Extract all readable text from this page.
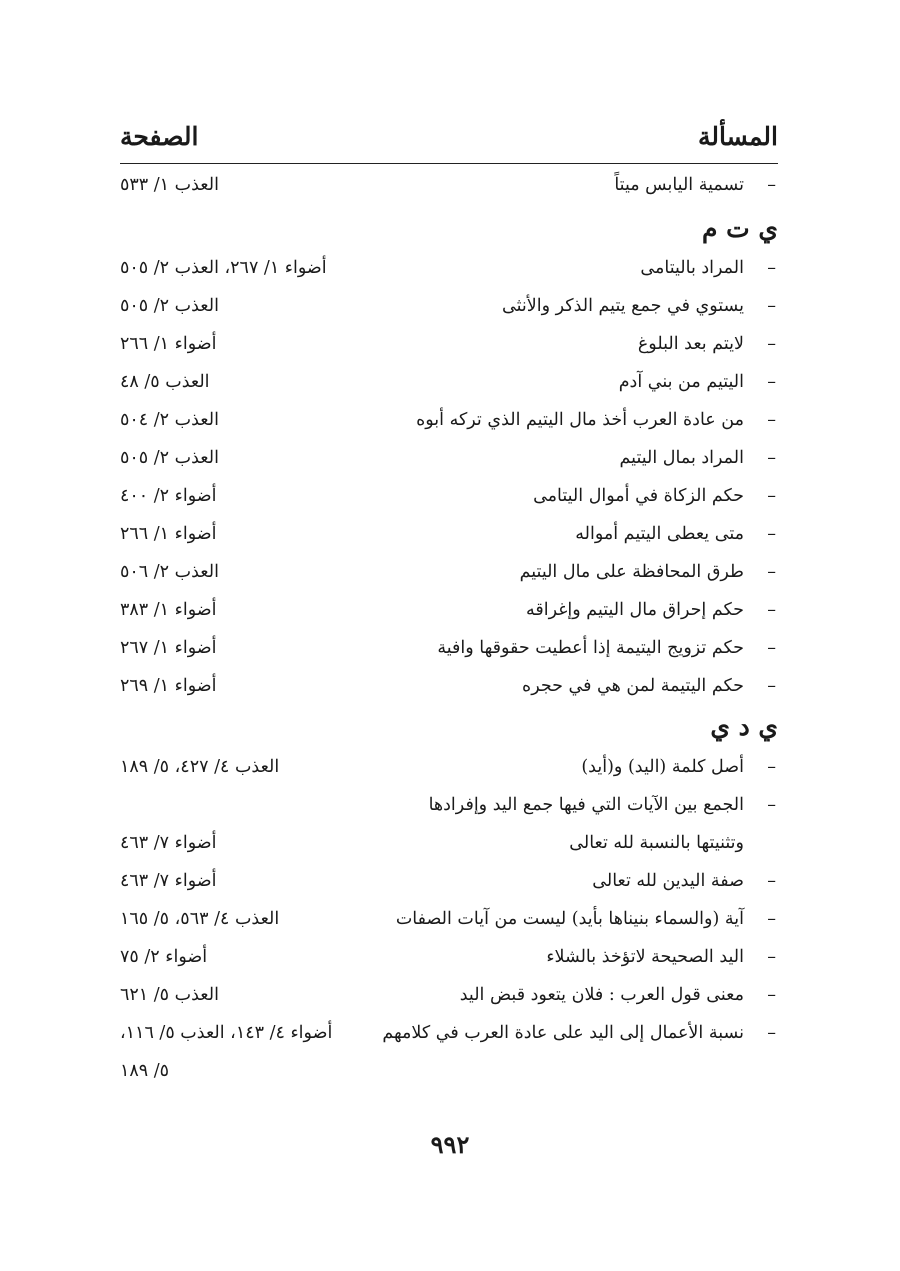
المسألة
الصفحة
–
تسمية اليابس ميتاً
العذب ١/ ٥٣٣
ي ت م
–
المراد باليتامى
أضواء ١/ ٢٦٧، العذب ٢/ ٥٠٥
–
يستوي في جمع يتيم الذكر والأنثى
العذب ٢/ ٥٠٥
–
لايتم بعد البلوغ
أضواء ١/ ٢٦٦
–
اليتيم من بني آدم
العذب ٥/ ٤٨
–
من عادة العرب أخذ مال اليتيم الذي تركه أبوه
العذب ٢/ ٥٠٤
–
المراد بمال اليتيم
العذب ٢/ ٥٠٥
–
حكم الزكاة في أموال اليتامى
أضواء ٢/ ٤٠٠
–
متى يعطى اليتيم أمواله
أضواء ١/ ٢٦٦
–
طرق المحافظة على مال اليتيم
العذب ٢/ ٥٠٦
–
حكم إحراق مال اليتيم وإغراقه
أضواء ١/ ٣٨٣
–
حكم تزويج اليتيمة إذا أعطيت حقوقها وافية
أضواء ١/ ٢٦٧
–
حكم اليتيمة لمن هي في حجره
أضواء ١/ ٢٦٩
ي د ي
–
أصل كلمة (اليد) و(أيد)
العذب ٤/ ٤٢٧، ٥/ ١٨٩
–
الجمع بين الآيات التي فيها جمع اليد وإفرادها
وتثنيتها بالنسبة لله تعالى
أضواء ٧/ ٤٦٣
–
صفة اليدين لله تعالى
أضواء ٧/ ٤٦٣
–
آية (والسماء بنيناها بأيد) ليست من آيات الصفات
العذب ٤/ ٥٦٣، ٥/ ١٦٥
–
اليد الصحيحة لاتؤخذ بالشلاء
أضواء ٢/ ٧٥
–
معنى قول العرب : فلان يتعود قبض اليد
العذب ٥/ ٦٢١
–
نسبة الأعمال إلى اليد على عادة العرب في كلامهم
أضواء ٤/ ١٤٣، العذب ٥/ ١١٦،
٥/ ١٨٩
٩٩٢
